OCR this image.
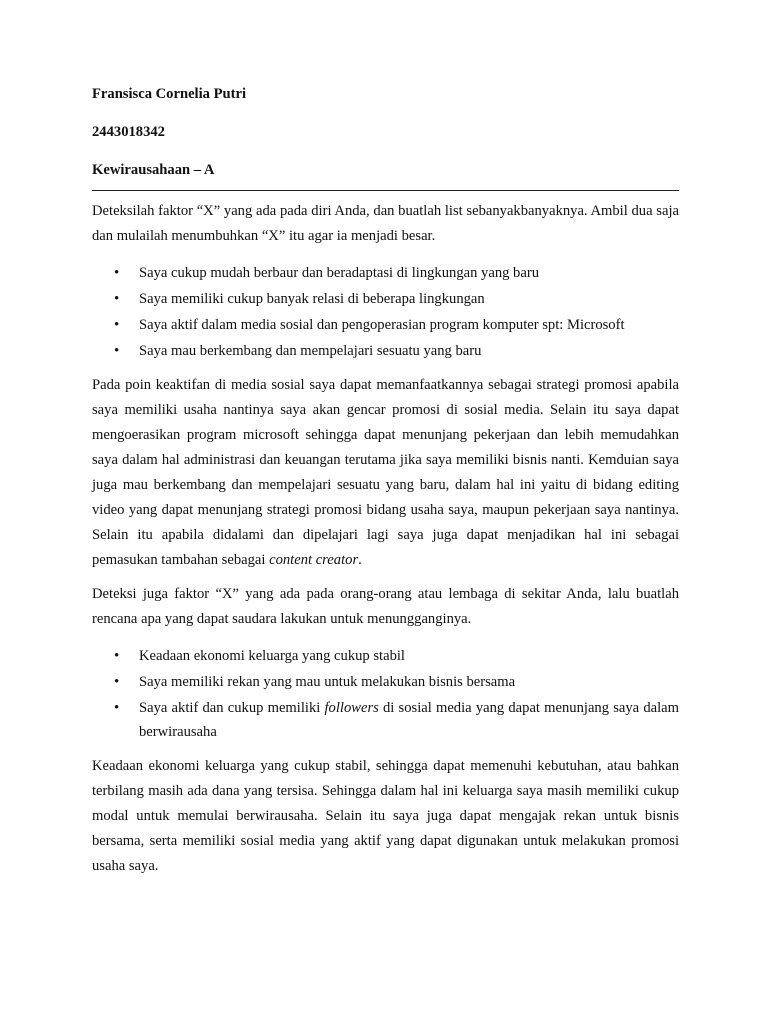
Fransisca Cornelia Putri
2443018342
Kewirausahaan – A

Deteksilah faktor “X” yang ada pada diri Anda, dan buatlah list sebanyakbanyaknya. Ambil dua saja dan mulailah menumbuhkan “X” itu agar ia menjadi besar.

• Saya cukup mudah berbaur dan beradaptasi di lingkungan yang baru
• Saya memiliki cukup banyak relasi di beberapa lingkungan
• Saya aktif dalam media sosial dan pengoperasian program komputer spt: Microsoft
• Saya mau berkembang dan mempelajari sesuatu yang baru

Pada poin keaktifan di media sosial saya dapat memanfaatkannya sebagai strategi promosi apabila saya memiliki usaha nantinya saya akan gencar promosi di sosial media. Selain itu saya dapat mengoerasikan program microsoft sehingga dapat menunjang pekerjaan dan lebih memudahkan saya dalam hal administrasi dan keuangan terutama jika saya memiliki bisnis nanti. Kemduian saya juga mau berkembang dan mempelajari sesuatu yang baru, dalam hal ini yaitu di bidang editing video yang dapat menunjang strategi promosi bidang usaha saya, maupun pekerjaan saya nantinya. Selain itu apabila didalami dan dipelajari lagi saya juga dapat menjadikan hal ini sebagai pemasukan tambahan sebagai content creator.

Deteksi juga faktor “X” yang ada pada orang-orang atau lembaga di sekitar Anda, lalu buatlah rencana apa yang dapat saudara lakukan untuk menungganginya.

• Keadaan ekonomi keluarga yang cukup stabil
• Saya memiliki rekan yang mau untuk melakukan bisnis bersama
• Saya aktif dan cukup memiliki followers di sosial media yang dapat menunjang saya dalam berwirausaha

Keadaan ekonomi keluarga yang cukup stabil, sehingga dapat memenuhi kebutuhan, atau bahkan terbilang masih ada dana yang tersisa. Sehingga dalam hal ini keluarga saya masih memiliki cukup modal untuk memulai berwirausaha. Selain itu saya juga dapat mengajak rekan untuk bisnis bersama, serta memiliki sosial media yang aktif yang dapat digunakan untuk melakukan promosi usaha saya.
